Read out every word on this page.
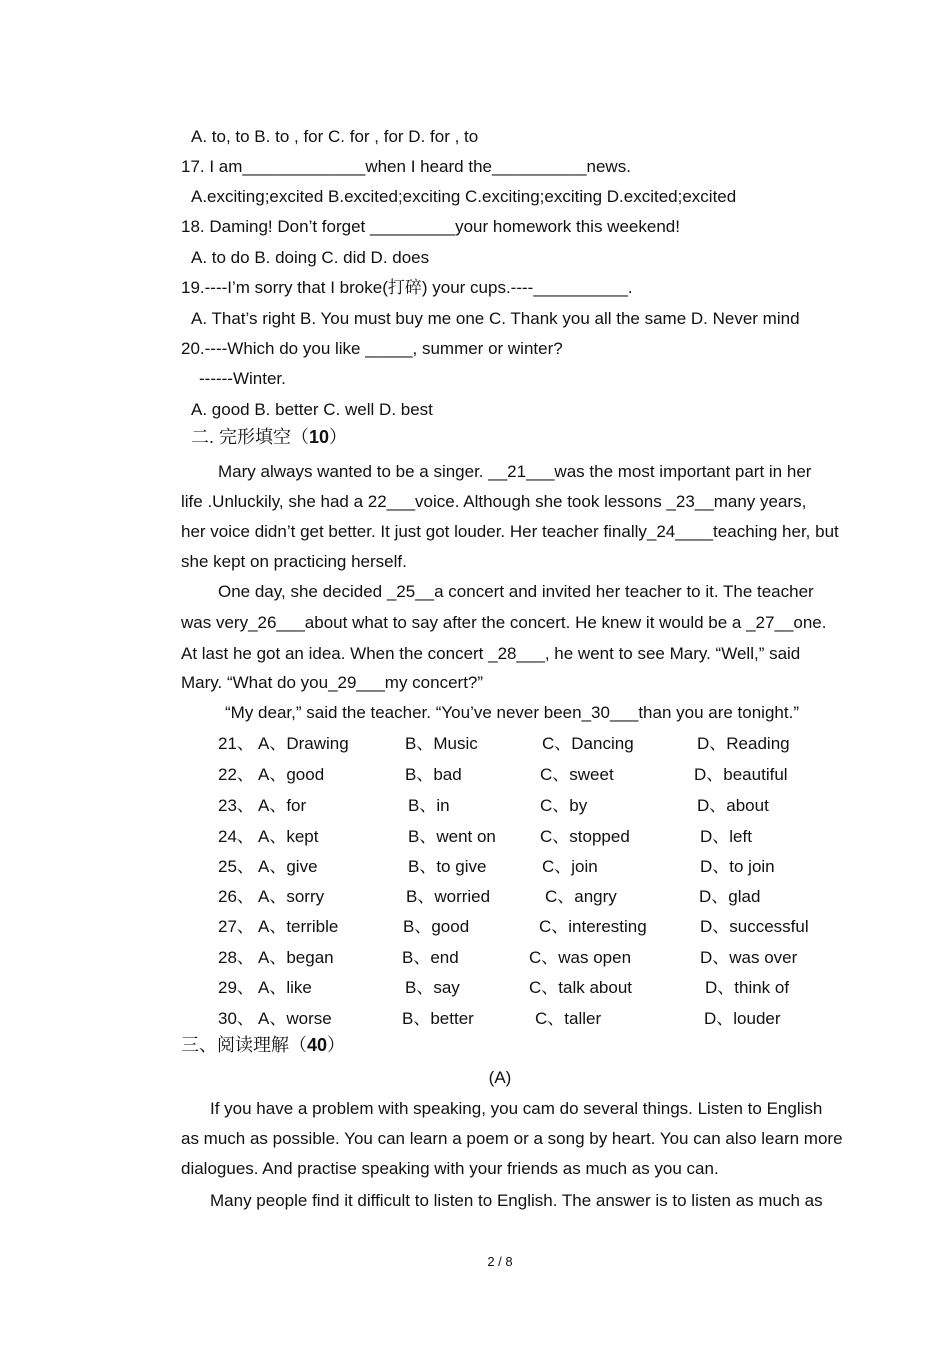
A. to, to B. to , for C. for , for D. for , to
17. I am_____________when I heard the__________news.
A.exciting;excited B.excited;exciting C.exciting;exciting D.excited;excited
18. Daming! Don’t forget _________your homework this weekend!
A. to do B. doing C. did D. does
19.----I’m sorry that I broke(打碎) your cups.----__________.
A. That’s right B. You must buy me one C. Thank you all the same D. Never mind
20.----Which do you like _____, summer or winter?
------Winter.
A. good B. better C. well D. best
二. 完形填空（10）
Mary always wanted to be a singer. __21___was the most important part in her
life .Unluckily, she had a 22___voice. Although she took lessons _23__many years,
her voice didn’t get better. It just got louder. Her teacher finally_24____teaching her, but
she kept on practicing herself.
One day, she decided _25__a concert and invited her teacher to it. The teacher
was very_26___about what to say after the concert. He knew it would be a _27__one.
At last he got an idea. When the concert _28___, he went to see Mary. “Well,” said
Mary. “What do you_29___my concert?”
“My dear,” said the teacher. “You’ve never been_30___than you are tonight.”
21、 A、Drawing	B、Music	C、Dancing	D、Reading
22、 A、good	B、bad	C、sweet	D、beautiful
23、 A、for	B、in	C、by	D、about
24、 A、kept	B、went on	C、stopped	D、left
25、 A、give	B、to give	C、join	D、to join
26、 A、sorry	B、worried	C、angry	D、glad
27、 A、terrible	B、good	C、interesting	D、successful
28、 A、began	B、end	C、was open	D、was over
29、 A、like	B、say	C、talk about	D、think of
30、 A、worse	B、better	C、taller	D、louder
三、阅读理解（40）
(A)
If you have a problem with speaking, you cam do several things. Listen to English
as much as possible. You can learn a poem or a song by heart. You can also learn more
dialogues. And practise speaking with your friends as much as you can.
Many people find it difficult to listen to English. The answer is to listen as much as
2 / 8
